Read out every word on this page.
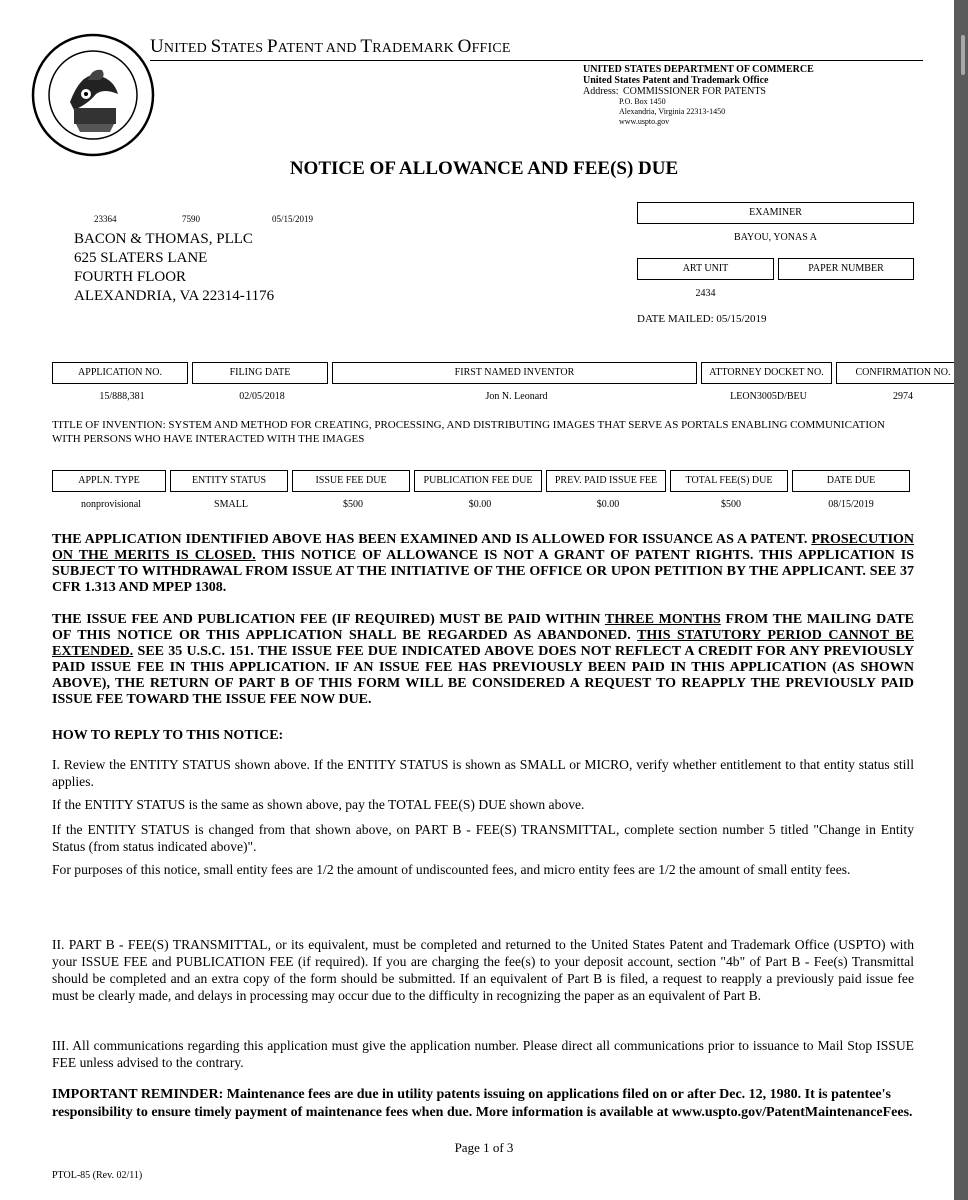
UNITED STATES PATENT AND TRADEMARK OFFICE
UNITED STATES DEPARTMENT OF COMMERCE
United States Patent and Trademark Office
Address: COMMISSIONER FOR PATENTS
P.O. Box 1450
Alexandria, Virginia 22313-1450
www.uspto.gov
NOTICE OF ALLOWANCE AND FEE(S) DUE
23364	7590	05/15/2019
BACON & THOMAS, PLLC
625 SLATERS LANE
FOURTH FLOOR
ALEXANDRIA, VA 22314-1176
EXAMINER
BAYOU, YONAS A
ART UNIT	PAPER NUMBER
2434
DATE MAILED: 05/15/2019
APPLICATION NO.	FILING DATE	FIRST NAMED INVENTOR	ATTORNEY DOCKET NO.	CONFIRMATION NO.
15/888,381	02/05/2018	Jon N. Leonard	LEON3005D/BEU	2974
TITLE OF INVENTION: SYSTEM AND METHOD FOR CREATING, PROCESSING, AND DISTRIBUTING IMAGES THAT SERVE AS PORTALS ENABLING COMMUNICATION WITH PERSONS WHO HAVE INTERACTED WITH THE IMAGES
APPLN. TYPE	ENTITY STATUS	ISSUE FEE DUE	PUBLICATION FEE DUE	PREV. PAID ISSUE FEE	TOTAL FEE(S) DUE	DATE DUE
nonprovisional	SMALL	$500	$0.00	$0.00	$500	08/15/2019
THE APPLICATION IDENTIFIED ABOVE HAS BEEN EXAMINED AND IS ALLOWED FOR ISSUANCE AS A PATENT. PROSECUTION ON THE MERITS IS CLOSED. THIS NOTICE OF ALLOWANCE IS NOT A GRANT OF PATENT RIGHTS. THIS APPLICATION IS SUBJECT TO WITHDRAWAL FROM ISSUE AT THE INITIATIVE OF THE OFFICE OR UPON PETITION BY THE APPLICANT. SEE 37 CFR 1.313 AND MPEP 1308.
THE ISSUE FEE AND PUBLICATION FEE (IF REQUIRED) MUST BE PAID WITHIN THREE MONTHS FROM THE MAILING DATE OF THIS NOTICE OR THIS APPLICATION SHALL BE REGARDED AS ABANDONED. THIS STATUTORY PERIOD CANNOT BE EXTENDED. SEE 35 U.S.C. 151. THE ISSUE FEE DUE INDICATED ABOVE DOES NOT REFLECT A CREDIT FOR ANY PREVIOUSLY PAID ISSUE FEE IN THIS APPLICATION. IF AN ISSUE FEE HAS PREVIOUSLY BEEN PAID IN THIS APPLICATION (AS SHOWN ABOVE), THE RETURN OF PART B OF THIS FORM WILL BE CONSIDERED A REQUEST TO REAPPLY THE PREVIOUSLY PAID ISSUE FEE TOWARD THE ISSUE FEE NOW DUE.
HOW TO REPLY TO THIS NOTICE:
I. Review the ENTITY STATUS shown above. If the ENTITY STATUS is shown as SMALL or MICRO, verify whether entitlement to that entity status still applies.
If the ENTITY STATUS is the same as shown above, pay the TOTAL FEE(S) DUE shown above.
If the ENTITY STATUS is changed from that shown above, on PART B - FEE(S) TRANSMITTAL, complete section number 5 titled "Change in Entity Status (from status indicated above)".
For purposes of this notice, small entity fees are 1/2 the amount of undiscounted fees, and micro entity fees are 1/2 the amount of small entity fees.
II. PART B - FEE(S) TRANSMITTAL, or its equivalent, must be completed and returned to the United States Patent and Trademark Office (USPTO) with your ISSUE FEE and PUBLICATION FEE (if required). If you are charging the fee(s) to your deposit account, section "4b" of Part B - Fee(s) Transmittal should be completed and an extra copy of the form should be submitted. If an equivalent of Part B is filed, a request to reapply a previously paid issue fee must be clearly made, and delays in processing may occur due to the difficulty in recognizing the paper as an equivalent of Part B.
III. All communications regarding this application must give the application number. Please direct all communications prior to issuance to Mail Stop ISSUE FEE unless advised to the contrary.
IMPORTANT REMINDER: Maintenance fees are due in utility patents issuing on applications filed on or after Dec. 12, 1980. It is patentee's responsibility to ensure timely payment of maintenance fees when due. More information is available at www.uspto.gov/PatentMaintenanceFees.
Page 1 of 3
PTOL-85 (Rev. 02/11)
